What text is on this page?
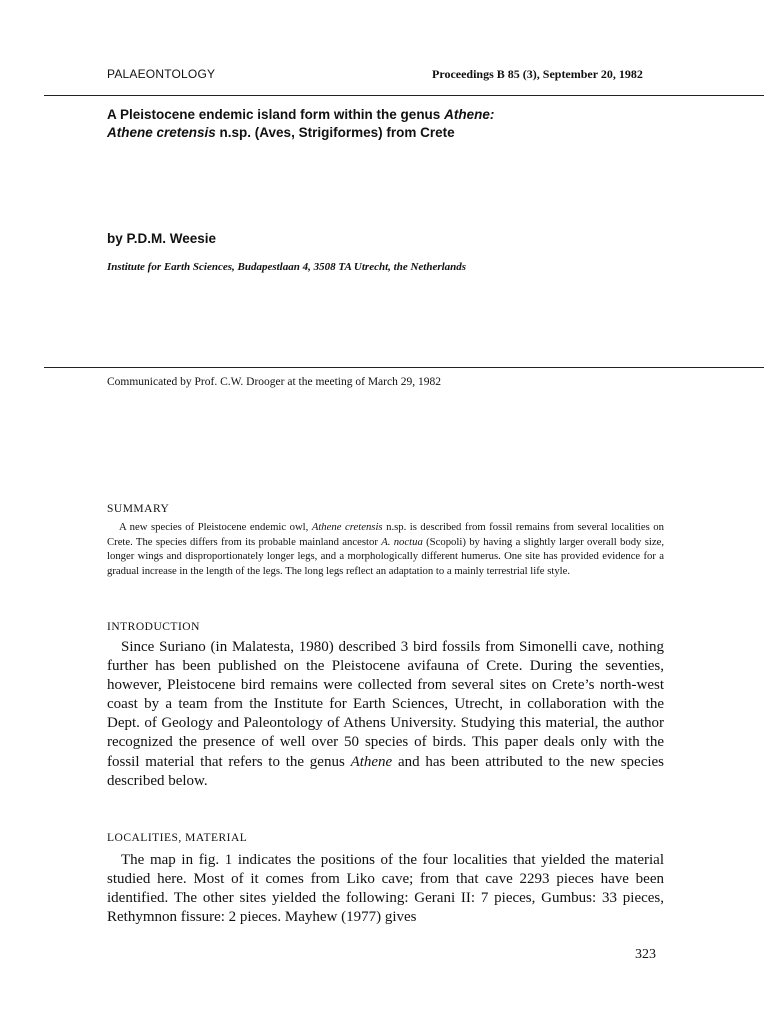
PALAEONTOLOGY	Proceedings B 85 (3), September 20, 1982
A Pleistocene endemic island form within the genus Athene:
Athene cretensis n.sp. (Aves, Strigiformes) from Crete
by P.D.M. Weesie
Institute for Earth Sciences, Budapestlaan 4, 3508 TA Utrecht, the Netherlands
Communicated by Prof. C.W. Drooger at the meeting of March 29, 1982
SUMMARY

A new species of Pleistocene endemic owl, Athene cretensis n.sp. is described from fossil remains from several localities on Crete. The species differs from its probable mainland ancestor A. noctua (Scopoli) by having a slightly larger overall body size, longer wings and disproportionately longer legs, and a morphologically different humerus. One site has provided evidence for a gradual increase in the length of the legs. The long legs reflect an adaptation to a mainly terrestrial life style.

INTRODUCTION

Since Suriano (in Malatesta, 1980) described 3 bird fossils from Simonelli cave, nothing further has been published on the Pleistocene avifauna of Crete. During the seventies, however, Pleistocene bird remains were collected from several sites on Crete’s north-west coast by a team from the Institute for Earth Sciences, Utrecht, in collaboration with the Dept. of Geology and Paleontology of Athens University. Studying this material, the author recognized the presence of well over 50 species of birds. This paper deals only with the fossil material that refers to the genus Athene and has been attributed to the new species described below.

LOCALITIES, MATERIAL

The map in fig. 1 indicates the positions of the four localities that yielded the material studied here. Most of it comes from Liko cave; from that cave 2293 pieces have been identified. The other sites yielded the following: Gerani II: 7 pieces, Gumbus: 33 pieces, Rethymnon fissure: 2 pieces. Mayhew (1977) gives

323
